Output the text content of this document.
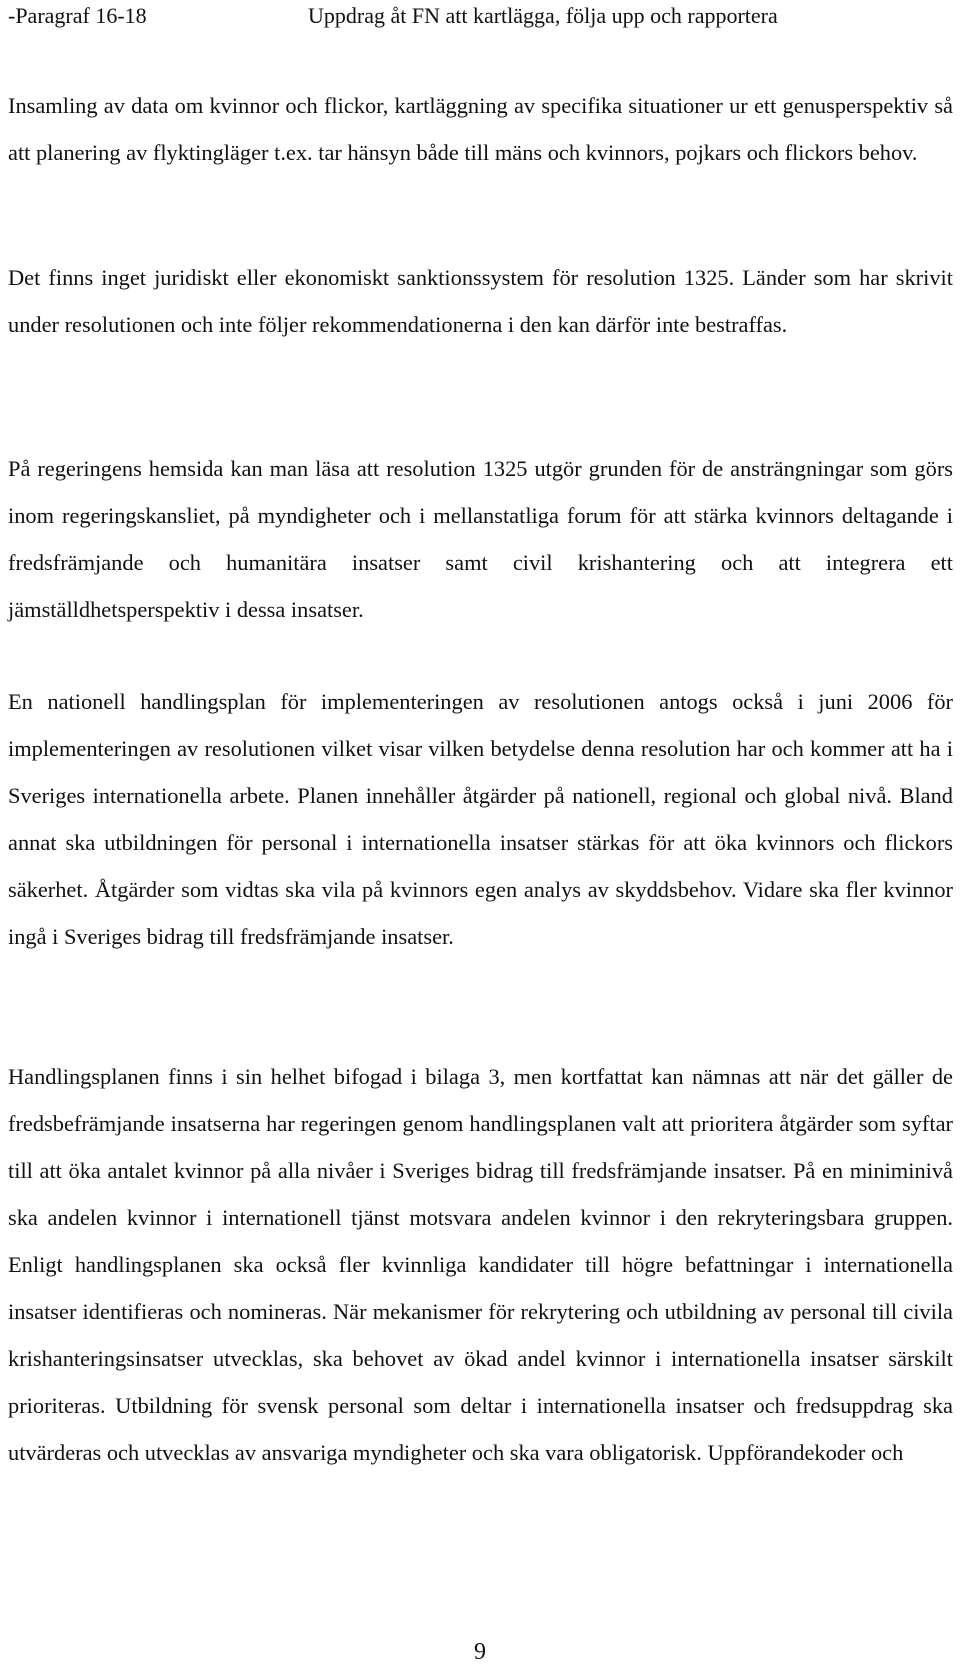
-Paragraf 16-18	Uppdrag åt FN att kartlägga, följa upp och rapportera

Insamling av data om kvinnor och flickor, kartläggning av specifika situationer ur ett genusperspektiv så att planering av flyktingläger t.ex. tar hänsyn både till mäns och kvinnors, pojkars och flickors behov.

Det finns inget juridiskt eller ekonomiskt sanktionssystem för resolution 1325. Länder som har skrivit under resolutionen och inte följer rekommendationerna i den kan därför inte bestraffas.

På regeringens hemsida kan man läsa att resolution 1325 utgör grunden för de ansträngningar som görs inom regeringskansliet, på myndigheter och i mellanstatliga forum för att stärka kvinnors deltagande i fredsfrämjande och humanitära insatser samt civil krishantering och att integrera ett jämställdhetsperspektiv i dessa insatser.

En nationell handlingsplan för implementeringen av resolutionen antogs också i juni 2006 för implementeringen av resolutionen vilket visar vilken betydelse denna resolution har och kommer att ha i Sveriges internationella arbete. Planen innehåller åtgärder på nationell, regional och global nivå. Bland annat ska utbildningen för personal i internationella insatser stärkas för att öka kvinnors och flickors säkerhet. Åtgärder som vidtas ska vila på kvinnors egen analys av skyddsbehov. Vidare ska fler kvinnor ingå i Sveriges bidrag till fredsfrämjande insatser.

Handlingsplanen finns i sin helhet bifogad i bilaga 3, men kortfattat kan nämnas att när det gäller de fredsbefrämjande insatserna har regeringen genom handlingsplanen valt att prioritera åtgärder som syftar till att öka antalet kvinnor på alla nivåer i Sveriges bidrag till fredsfrämjande insatser. På en miniminivå ska andelen kvinnor i internationell tjänst motsvara andelen kvinnor i den rekryteringsbara gruppen. Enligt handlingsplanen ska också fler kvinnliga kandidater till högre befattningar i internationella insatser identifieras och nomineras. När mekanismer för rekrytering och utbildning av personal till civila krishanteringsinsatser utvecklas, ska behovet av ökad andel kvinnor i internationella insatser särskilt prioriteras. Utbildning för svensk personal som deltar i internationella insatser och fredsuppdrag ska utvärderas och utvecklas av ansvariga myndigheter och ska vara obligatorisk. Uppförandekoder och

9
